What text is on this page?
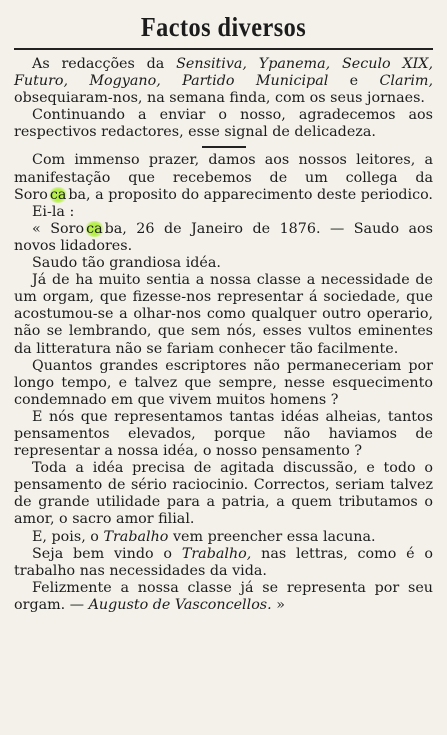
Factos diversos

As redacções da Sensitiva, Ypanema, Seculo XIX, Futuro, Mogyano, Partido Municipal e Clarim, obsequiaram-nos, na semana finda, com os seus jornaes.

Continuando a enviar o nosso, agradecemos aos respectivos redactores, esse signal de delicadeza.

Com immenso prazer, damos aos nossos leitores, a manifestação que recebemos de um collega da Soro ca ba, a proposito do apparecimento deste periodico.

Ei-la :

« Soro ca ba, 26 de Janeiro de 1876. — Saudo aos novos lidadores.

Saudo tão grandiosa idéa.

Já de ha muito sentia a nossa classe a necessidade de um orgam, que fizesse-nos representar á sociedade, que acostumou-se a olhar-nos como qualquer outro operario, não se lembrando, que sem nós, esses vultos eminentes da litteratura não se fariam conhecer tão facilmente.

Quantos grandes escriptores não permaneceriam por longo tempo, e talvez que sempre, nesse esquecimento condemnado em que vivem muitos homens ?

E nós que representamos tantas idéas alheias, tantos pensamentos elevados, porque não haviamos de representar a nossa idéa, o nosso pensamento ?

Toda a idéa precisa de agitada discussão, e todo o pensamento de sério raciocinio. Correctos, seriam talvez de grande utilidade para a patria, a quem tributamos o amor, o sacro amor filial.

E, pois, o Trabalho vem preencher essa lacuna.

Seja bem vindo o Trabalho, nas lettras, como é o trabalho nas necessidades da vida.

Felizmente a nossa classe já se representa por seu orgam. — Augusto de Vasconcellos. »
